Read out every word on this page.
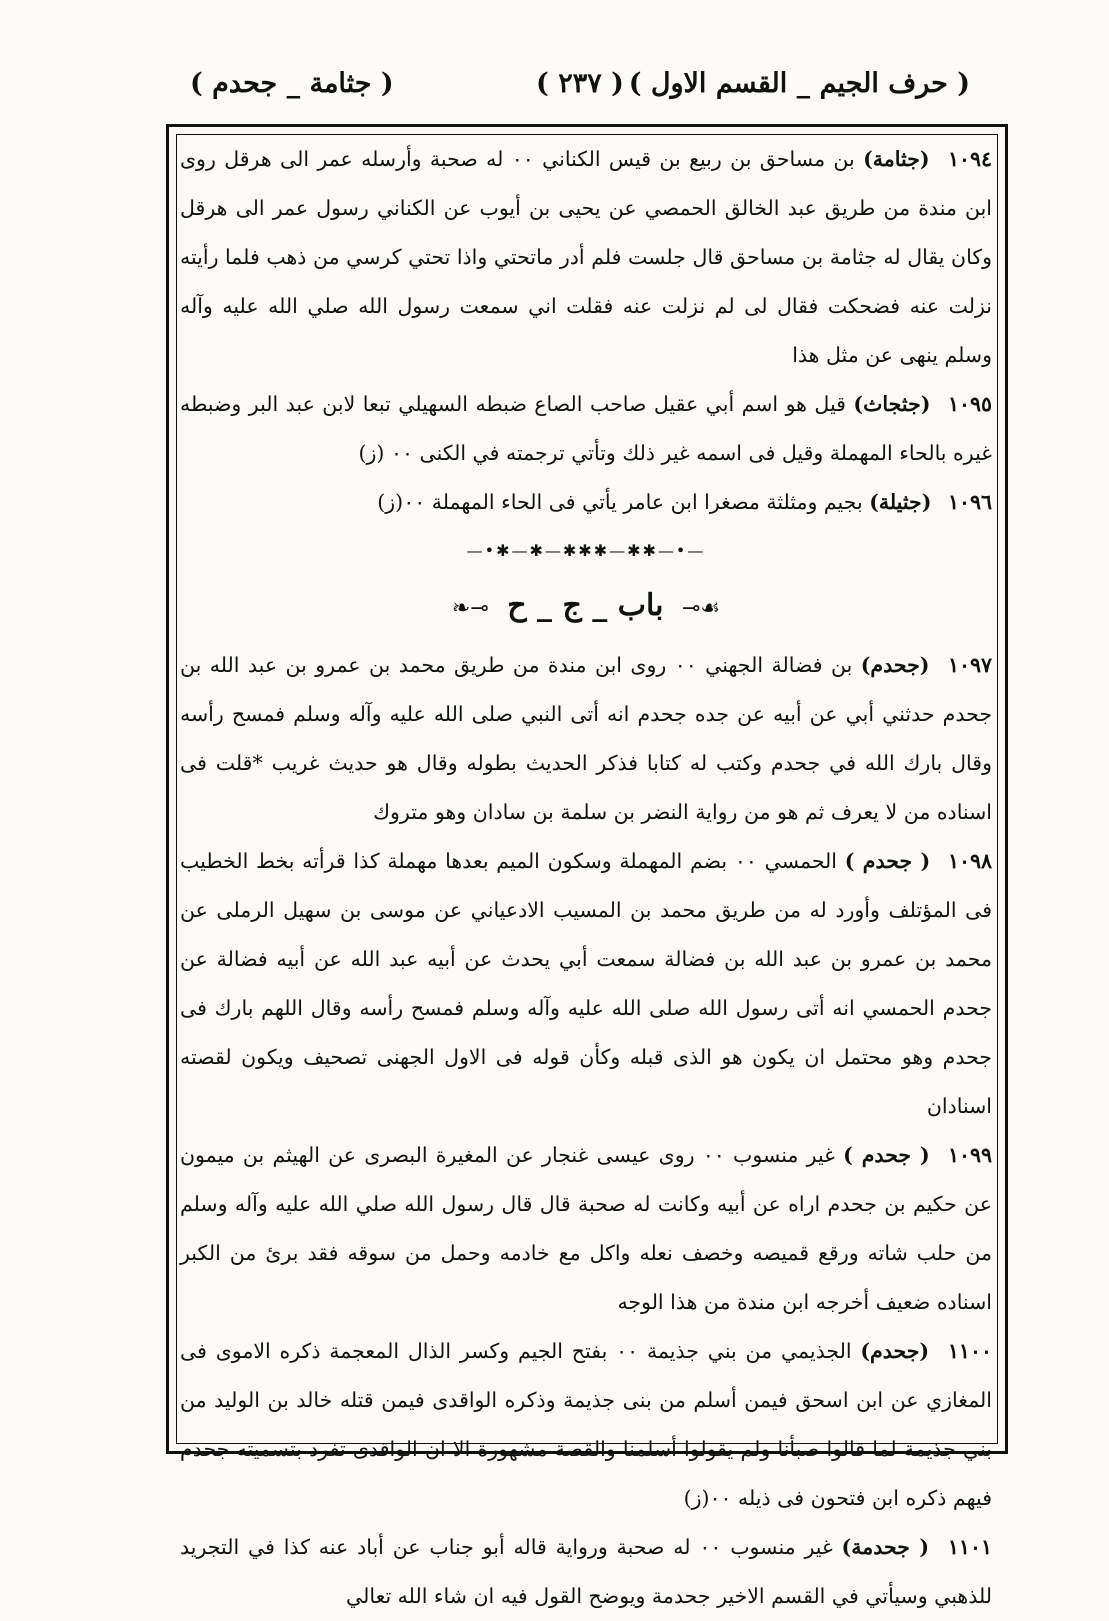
( حرف الجيم _ القسم الاول )
( ٢٣٧ )
( جثامة _ جحدم )

١٠٩٤ (جثامة) بن مساحق بن ربيع بن قيس الكناني ٠٠ له صحبة وأرسله عمر الى هرقل روى ابن مندة من طريق عبد الخالق الحمصي عن يحيى بن أيوب عن الكناني رسول عمر الى هرقل وكان يقال له جثامة بن مساحق قال جلست فلم أدر ماتحتي واذا تحتي كرسي من ذهب فلما رأيته نزلت عنه فضحكت فقال لى لم نزلت عنه فقلت اني سمعت رسول الله صلي الله عليه وآله وسلم ينهى عن مثل هذا

١٠٩٥ (جثجاث) قيل هو اسم أبي عقيل صاحب الصاع ضبطه السهيلي تبعا لابن عبد البر وضبطه غيره بالحاء المهملة وقيل فى اسمه غير ذلك وتأتي ترجمته في الكنى ٠٠ (ز)

١٠٩٦ (جثيلة) بجيم ومثلثة مصغرا ابن عامر يأتي فى الحاء المهملة ٠٠(ز)

—•✱—✱—✱✱✱—✱✱—•—
☙⟜ باب _ ج _ ح ⊸❧

١٠٩٧ (جحدم) بن فضالة الجهني ٠٠ روى ابن مندة من طريق محمد بن عمرو بن عبد الله بن جحدم حدثني أبي عن أبيه عن جده جحدم انه أتى النبي صلى الله عليه وآله وسلم فمسح رأسه وقال بارك الله في جحدم وكتب له كتابا فذكر الحديث بطوله وقال هو حديث غريب *قلت فى اسناده من لا يعرف ثم هو من رواية النضر بن سلمة بن سادان وهو متروك

١٠٩٨ ( جحدم ) الحمسي ٠٠ بضم المهملة وسكون الميم بعدها مهملة كذا قرأته بخط الخطيب فى المؤتلف وأورد له من طريق محمد بن المسيب الادعياني عن موسى بن سهيل الرملى عن محمد بن عمرو بن عبد الله بن فضالة سمعت أبي يحدث عن أبيه عبد الله عن أبيه فضالة عن جحدم الحمسي انه أتى رسول الله صلى الله عليه وآله وسلم فمسح رأسه وقال اللهم بارك فى جحدم وهو محتمل ان يكون هو الذى قبله وكأن قوله فى الاول الجهنى تصحيف ويكون لقصته اسنادان

١٠٩٩ ( جحدم ) غير منسوب ٠٠ روى عيسى غنجار عن المغيرة البصرى عن الهيثم بن ميمون عن حكيم بن جحدم اراه عن أبيه وكانت له صحبة قال قال رسول الله صلي الله عليه وآله وسلم من حلب شاته ورقع قميصه وخصف نعله واكل مع خادمه وحمل من سوقه فقد برئ من الكبر اسناده ضعيف أخرجه ابن مندة من هذا الوجه

١١٠٠ (جحدم) الجذيمي من بني جذيمة ٠٠ بفتح الجيم وكسر الذال المعجمة ذكره الاموى فى المغازي عن ابن اسحق فيمن أسلم من بنى جذيمة وذكره الواقدى فيمن قتله خالد بن الوليد من بني جذيمة لما قالوا صبأنا ولم يقولوا أسلمنا والقصة مشهورة الا ان الواقدى تفرد بتسميته جحدم فيهم ذكره ابن فتحون فى ذيله ٠٠(ز)

١١٠١ ( جحدمة) غير منسوب ٠٠ له صحبة ورواية قاله أبو جناب عن أباد عنه كذا في التجريد للذهبي وسيأتي في القسم الاخير جحدمة ويوضح القول فيه ان شاء الله تعالي
